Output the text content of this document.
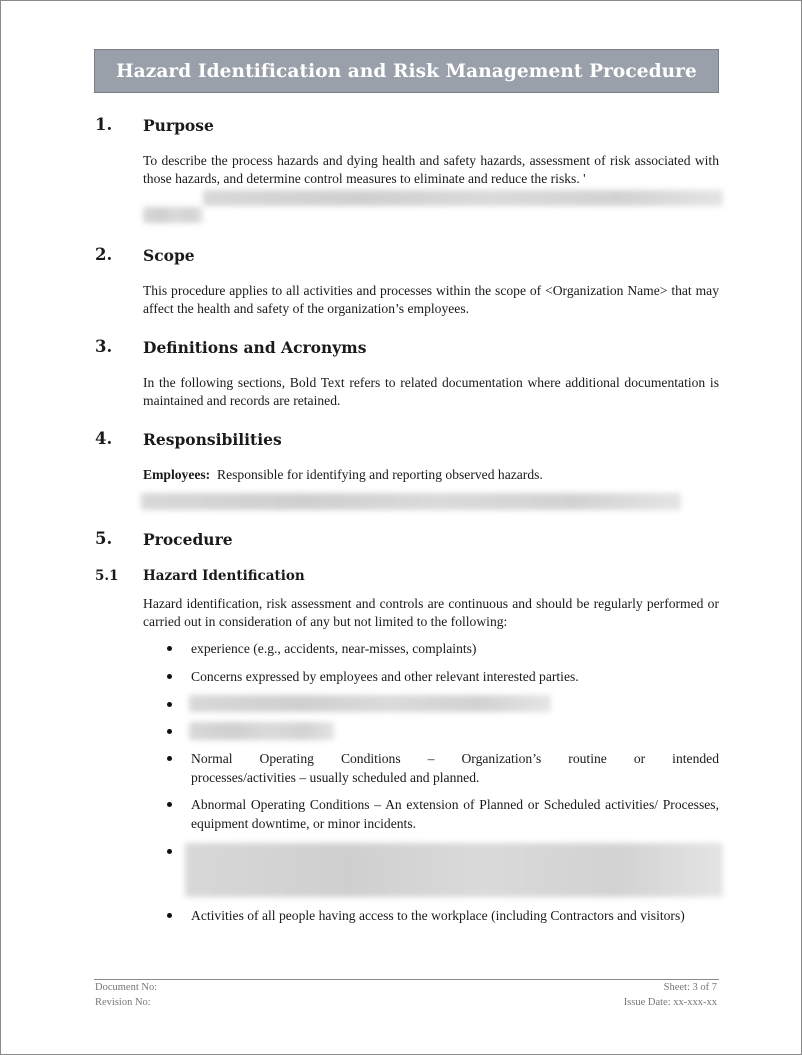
Hazard Identification and Risk Management Procedure
1. Purpose
To describe the process hazards and dying health and safety hazards, assessment of risk associated with those hazards, and determine control measures to eliminate and reduce the risks. '
2. Scope
This procedure applies to all activities and processes within the scope of <Organization Name> that may affect the health and safety of the organization’s employees.
3. Definitions and Acronyms
In the following sections, Bold Text refers to related documentation where additional documentation is maintained and records are retained.
4. Responsibilities
Employees: Responsible for identifying and reporting observed hazards.
5. Procedure
5.1 Hazard Identification
Hazard identification, risk assessment and controls are continuous and should be regularly performed or carried out in consideration of any but not limited to the following:
experience (e.g., accidents, near-misses, complaints)
Concerns expressed by employees and other relevant interested parties.
Normal Operating Conditions – Organization’s routine or intended
processes/activities – usually scheduled and planned.
Abnormal Operating Conditions – An extension of Planned or Scheduled activities/ Processes, equipment downtime, or minor incidents.
Activities of all people having access to the workplace (including Contractors and visitors)
Document No:
Revision No:
Sheet: 3 of 7
Issue Date: xx-xxx-xx
